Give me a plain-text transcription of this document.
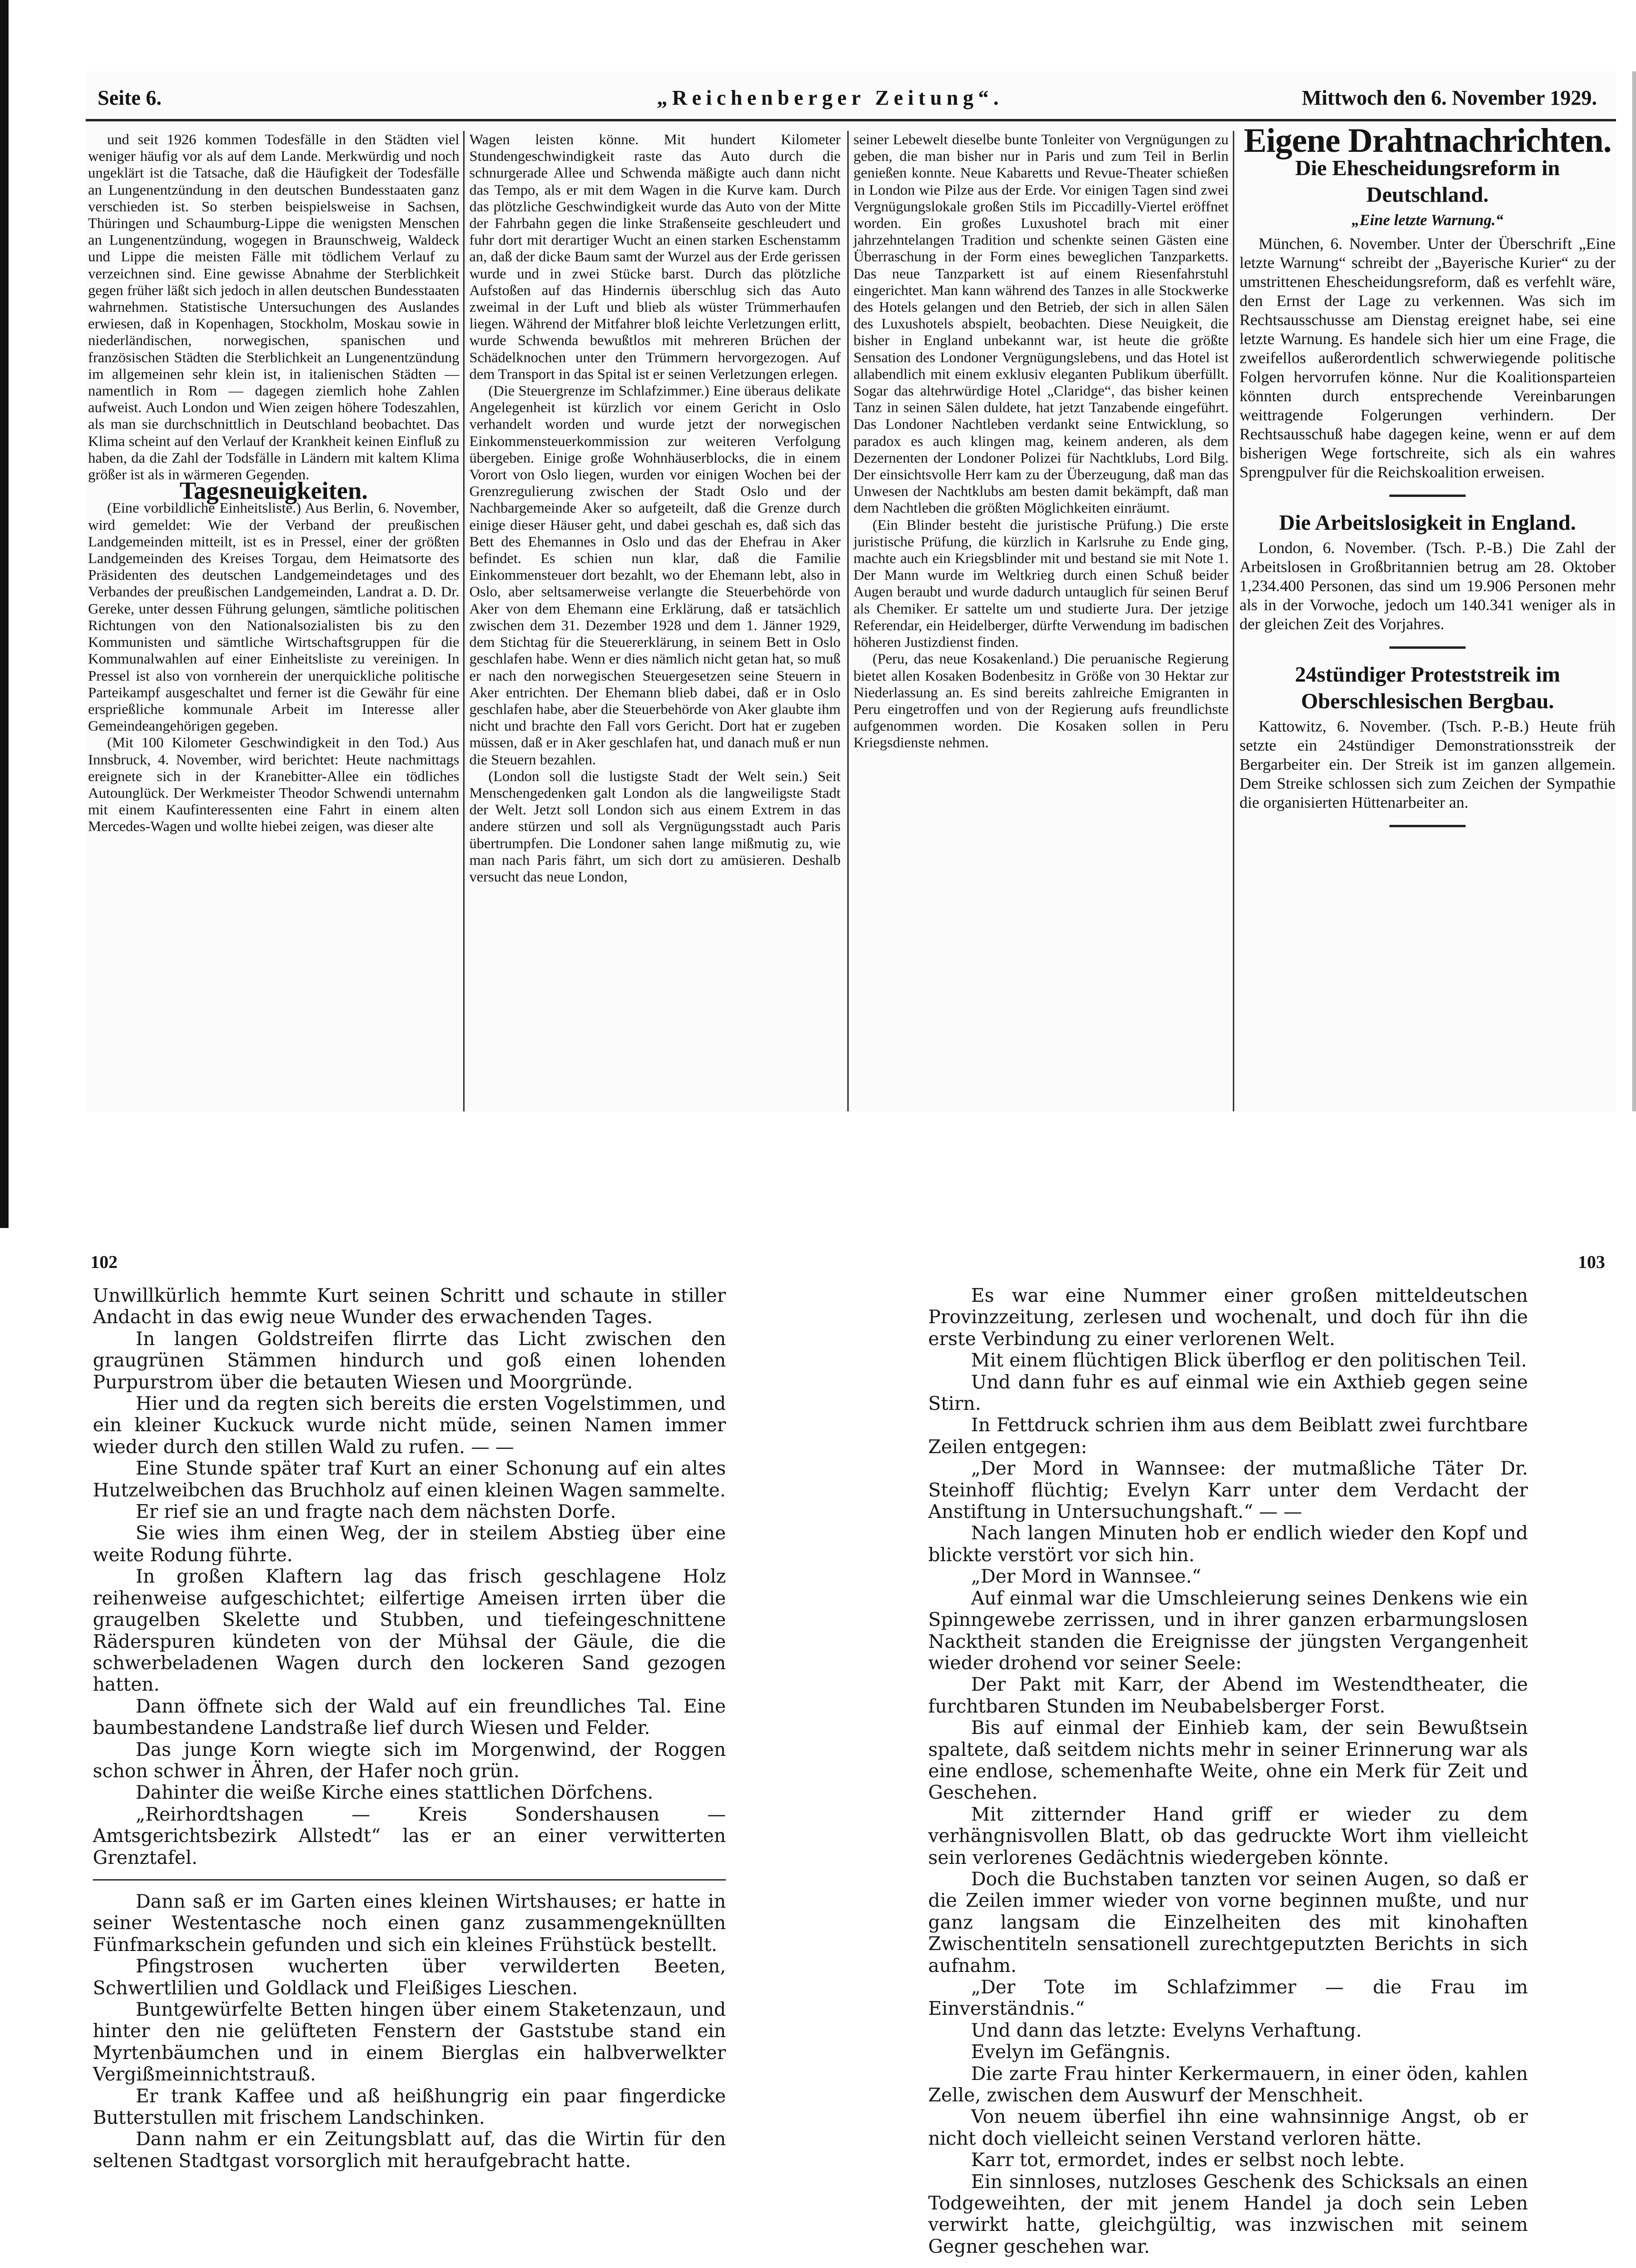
Seite 6.	„Reichenberger Zeitung“.	Mittwoch den 6. November 1929.

und seit 1926 kommen Todesfälle in den Städten viel weniger häufig vor als auf dem Lande. Merkwürdig und noch ungeklärt ist die Tatsache, daß die Häufigkeit der Todesfälle an Lungenentzündung in den deutschen Bundesstaaten ganz verschieden ist. So sterben beispielsweise in Sachsen, Thüringen und Schaumburg-Lippe die wenigsten Menschen an Lungenentzündung, wogegen in Braunschweig, Waldeck und Lippe die meisten Fälle mit tödlichem Verlauf zu verzeichnen sind. Eine gewisse Abnahme der Sterblichkeit gegen früher läßt sich jedoch in allen deutschen Bundesstaaten wahrnehmen. Statistische Untersuchungen des Auslandes erwiesen, daß in Kopenhagen, Stockholm, Moskau sowie in niederländischen, norwegischen, spanischen und französischen Städten die Sterblichkeit an Lungenentzündung im allgemeinen sehr klein ist, in italienischen Städten — namentlich in Rom — dagegen ziemlich hohe Zahlen aufweist. Auch London und Wien zeigen höhere Todeszahlen, als man sie durchschnittlich in Deutschland beobachtet. Das Klima scheint auf den Verlauf der Krankheit keinen Einfluß zu haben, da die Zahl der Todsfälle in Ländern mit kaltem Klima größer ist als in wärmeren Gegenden.

Tagesneuigkeiten.

(Eine vorbildliche Einheitsliste.) Aus Berlin, 6. November, wird gemeldet: Wie der Verband der preußischen Landgemeinden mitteilt, ist es in Pressel, einer der größten Landgemeinden des Kreises Torgau, dem Heimatsorte des Präsidenten des deutschen Landgemeindetages und des Verbandes der preußischen Landgemeinden, Landrat a. D. Dr. Gereke, unter dessen Führung gelungen, sämtliche politischen Richtungen von den Nationalsozialisten bis zu den Kommunisten und sämtliche Wirtschaftsgruppen für die Kommunalwahlen auf einer Einheitsliste zu vereinigen. In Pressel ist also von vornherein der unerquickliche politische Parteikampf ausgeschaltet und ferner ist die Gewähr für eine ersprießliche kommunale Arbeit im Interesse aller Gemeindeangehörigen gegeben.

(Mit 100 Kilometer Geschwindigkeit in den Tod.) Aus Innsbruck, 4. November, wird berichtet: Heute nachmittags ereignete sich in der Kranebitter-Allee ein tödliches Autounglück. Der Werkmeister Theodor Schwendi unternahm mit einem Kaufinteressenten eine Fahrt in einem alten Mercedes-Wagen und wollte hiebei zeigen, was dieser alte

Wagen leisten könne. Mit hundert Kilometer Stundengeschwindigkeit raste das Auto durch die schnurgerade Allee und Schwenda mäßigte auch dann nicht das Tempo, als er mit dem Wagen in die Kurve kam. Durch das plötzliche Geschwindigkeit wurde das Auto von der Mitte der Fahrbahn gegen die linke Straßenseite geschleudert und fuhr dort mit derartiger Wucht an einen starken Eschenstamm an, daß der dicke Baum samt der Wurzel aus der Erde gerissen wurde und in zwei Stücke barst. Durch das plötzliche Aufstoßen auf das Hindernis überschlug sich das Auto zweimal in der Luft und blieb als wüster Trümmerhaufen liegen. Während der Mitfahrer bloß leichte Verletzungen erlitt, wurde Schwenda bewußtlos mit mehreren Brüchen der Schädelknochen unter den Trümmern hervorgezogen. Auf dem Transport in das Spital ist er seinen Verletzungen erlegen.

(Die Steuergrenze im Schlafzimmer.) Eine überaus delikate Angelegenheit ist kürzlich vor einem Gericht in Oslo verhandelt worden und wurde jetzt der norwegischen Einkommensteuerkommission zur weiteren Verfolgung übergeben. Einige große Wohnhäuserblocks, die in einem Vorort von Oslo liegen, wurden vor einigen Wochen bei der Grenzregulierung zwischen der Stadt Oslo und der Nachbargemeinde Aker so aufgeteilt, daß die Grenze durch einige dieser Häuser geht, und dabei geschah es, daß sich das Bett des Ehemannes in Oslo und das der Ehefrau in Aker befindet. Es schien nun klar, daß die Familie Einkommensteuer dort bezahlt, wo der Ehemann lebt, also in Oslo, aber seltsamerweise verlangte die Steuerbehörde von Aker von dem Ehemann eine Erklärung, daß er tatsächlich zwischen dem 31. Dezember 1928 und dem 1. Jänner 1929, dem Stichtag für die Steuererklärung, in seinem Bett in Oslo geschlafen habe. Wenn er dies nämlich nicht getan hat, so muß er nach den norwegischen Steuergesetzen seine Steuern in Aker entrichten. Der Ehemann blieb dabei, daß er in Oslo geschlafen habe, aber die Steuerbehörde von Aker glaubte ihm nicht und brachte den Fall vors Gericht. Dort hat er zugeben müssen, daß er in Aker geschlafen hat, und danach muß er nun die Steuern bezahlen.

(London soll die lustigste Stadt der Welt sein.) Seit Menschengedenken galt London als die langweiligste Stadt der Welt. Jetzt soll London sich aus einem Extrem in das andere stürzen und soll als Vergnügungsstadt auch Paris übertrumpfen. Die Londoner sahen lange mißmutig zu, wie man nach Paris fährt, um sich dort zu amüsieren. Deshalb versucht das neue London,

seiner Lebewelt dieselbe bunte Tonleiter von Vergnügungen zu geben, die man bisher nur in Paris und zum Teil in Berlin genießen konnte. Neue Kabaretts und Revue-Theater schießen in London wie Pilze aus der Erde. Vor einigen Tagen sind zwei Vergnügungslokale großen Stils im Piccadilly-Viertel eröffnet worden. Ein großes Luxushotel brach mit einer jahrzehntelangen Tradition und schenkte seinen Gästen eine Überraschung in der Form eines beweglichen Tanzparketts. Das neue Tanzparkett ist auf einem Riesenfahrstuhl eingerichtet. Man kann während des Tanzes in alle Stockwerke des Hotels gelangen und den Betrieb, der sich in allen Sälen des Luxushotels abspielt, beobachten. Diese Neuigkeit, die bisher in England unbekannt war, ist heute die größte Sensation des Londoner Vergnügungslebens, und das Hotel ist allabendlich mit einem exklusiv eleganten Publikum überfüllt. Sogar das altehrwürdige Hotel „Claridge“, das bisher keinen Tanz in seinen Sälen duldete, hat jetzt Tanzabende eingeführt. Das Londoner Nachtleben verdankt seine Entwicklung, so paradox es auch klingen mag, keinem anderen, als dem Dezernenten der Londoner Polizei für Nachtklubs, Lord Bilg. Der einsichtsvolle Herr kam zu der Überzeugung, daß man das Unwesen der Nachtklubs am besten damit bekämpft, daß man dem Nachtleben die größten Möglichkeiten einräumt.

(Ein Blinder besteht die juristische Prüfung.) Die erste juristische Prüfung, die kürzlich in Karlsruhe zu Ende ging, machte auch ein Kriegsblinder mit und bestand sie mit Note 1. Der Mann wurde im Weltkrieg durch einen Schuß beider Augen beraubt und wurde dadurch untauglich für seinen Beruf als Chemiker. Er sattelte um und studierte Jura. Der jetzige Referendar, ein Heidelberger, dürfte Verwendung im badischen höheren Justizdienst finden.

(Peru, das neue Kosakenland.) Die peruanische Regierung bietet allen Kosaken Bodenbesitz in Größe von 30 Hektar zur Niederlassung an. Es sind bereits zahlreiche Emigranten in Peru eingetroffen und von der Regierung aufs freundlichste aufgenommen worden. Die Kosaken sollen in Peru Kriegsdienste nehmen.

Eigene Drahtnachrichten.
Die Ehescheidungsreform in Deutschland.
„Eine letzte Warnung.“

München, 6. November. Unter der Überschrift „Eine letzte Warnung“ schreibt der „Bayerische Kurier“ zu der umstrittenen Ehescheidungsreform, daß es verfehlt wäre, den Ernst der Lage zu verkennen. Was sich im Rechtsausschusse am Dienstag ereignet habe, sei eine letzte Warnung. Es handele sich hier um eine Frage, die zweifellos außerordentlich schwerwiegende politische Folgen hervorrufen könne. Nur die Koalitionsparteien könnten durch entsprechende Vereinbarungen weittragende Folgerungen verhindern. Der Rechtsausschuß habe dagegen keine, wenn er auf dem bisherigen Wege fortschreite, sich als ein wahres Sprengpulver für die Reichskoalition erweisen.

Die Arbeitslosigkeit in England.

London, 6. November. (Tsch. P.-B.) Die Zahl der Arbeitslosen in Großbritannien betrug am 28. Oktober 1,234.400 Personen, das sind um 19.906 Personen mehr als in der Vorwoche, jedoch um 140.341 weniger als in der gleichen Zeit des Vorjahres.

24stündiger Proteststreik im Oberschlesischen Bergbau.

Kattowitz, 6. November. (Tsch. P.-B.) Heute früh setzte ein 24stündiger Demonstrationsstreik der Bergarbeiter ein. Der Streik ist im ganzen allgemein. Dem Streike schlossen sich zum Zeichen der Sympathie die organisierten Hüttenarbeiter an.

102	103

Unwillkürlich hemmte Kurt seinen Schritt und schaute in stiller Andacht in das ewig neue Wunder des erwachenden Tages.

In langen Goldstreifen flirrte das Licht zwischen den graugrünen Stämmen hindurch und goß einen lohenden Purpurstrom über die betauten Wiesen und Moorgründe.

Hier und da regten sich bereits die ersten Vogelstimmen, und ein kleiner Kuckuck wurde nicht müde, seinen Namen immer wieder durch den stillen Wald zu rufen. — —

Eine Stunde später traf Kurt an einer Schonung auf ein altes Hutzelweibchen das Bruchholz auf einen kleinen Wagen sammelte.

Er rief sie an und fragte nach dem nächsten Dorfe.

Sie wies ihm einen Weg, der in steilem Abstieg über eine weite Rodung führte.

In großen Klaftern lag das frisch geschlagene Holz reihenweise aufgeschichtet; eilfertige Ameisen irrten über die graugelben Skelette und Stubben, und tiefeingeschnittene Räderspuren kündeten von der Mühsal der Gäule, die die schwerbeladenen Wagen durch den lockeren Sand gezogen hatten.

Dann öffnete sich der Wald auf ein freundliches Tal. Eine baumbestandene Landstraße lief durch Wiesen und Felder.

Das junge Korn wiegte sich im Morgenwind, der Roggen schon schwer in Ähren, der Hafer noch grün.

Dahinter die weiße Kirche eines stattlichen Dörfchens.

„Reirhordtshagen — Kreis Sondershausen — Amtsgerichtsbezirk Allstedt“ las er an einer verwitterten Grenztafel.

Dann saß er im Garten eines kleinen Wirtshauses; er hatte in seiner Westentasche noch einen ganz zusammengeknüllten Fünfmarkschein gefunden und sich ein kleines Frühstück bestellt.

Pfingstrosen wucherten über verwilderten Beeten, Schwertlilien und Goldlack und Fleißiges Lieschen.

Buntgewürfelte Betten hingen über einem Staketenzaun, und hinter den nie gelüfteten Fenstern der Gaststube stand ein Myrtenbäumchen und in einem Bierglas ein halbverwelkter Vergißmeinnichtstrauß.

Er trank Kaffee und aß heißhungrig ein paar fingerdicke Butterstullen mit frischem Landschinken.

Dann nahm er ein Zeitungsblatt auf, das die Wirtin für den seltenen Stadtgast vorsorglich mit heraufgebracht hatte.

Es war eine Nummer einer großen mitteldeutschen Provinzzeitung, zerlesen und wochenalt, und doch für ihn die erste Verbindung zu einer verlorenen Welt.

Mit einem flüchtigen Blick überflog er den politischen Teil.

Und dann fuhr es auf einmal wie ein Axthieb gegen seine Stirn.

In Fettdruck schrien ihm aus dem Beiblatt zwei furchtbare Zeilen entgegen:

„Der Mord in Wannsee: der mutmaßliche Täter Dr. Steinhoff flüchtig; Evelyn Karr unter dem Verdacht der Anstiftung in Untersuchungshaft.“ — —

Nach langen Minuten hob er endlich wieder den Kopf und blickte verstört vor sich hin.

„Der Mord in Wannsee.“

Auf einmal war die Umschleierung seines Denkens wie ein Spinngewebe zerrissen, und in ihrer ganzen erbarmungslosen Nacktheit standen die Ereignisse der jüngsten Vergangenheit wieder drohend vor seiner Seele:

Der Pakt mit Karr, der Abend im Westendtheater, die furchtbaren Stunden im Neubabelsberger Forst.

Bis auf einmal der Einhieb kam, der sein Bewußtsein spaltete, daß seitdem nichts mehr in seiner Erinnerung war als eine endlose, schemenhafte Weite, ohne ein Merk für Zeit und Geschehen.

Mit zitternder Hand griff er wieder zu dem verhängnisvollen Blatt, ob das gedruckte Wort ihm vielleicht sein verlorenes Gedächtnis wiedergeben könnte.

Doch die Buchstaben tanzten vor seinen Augen, so daß er die Zeilen immer wieder von vorne beginnen mußte, und nur ganz langsam die Einzelheiten des mit kinohaften Zwischentiteln sensationell zurechtgeputzten Berichts in sich aufnahm.

„Der Tote im Schlafzimmer — die Frau im Einverständnis.“

Und dann das letzte: Evelyns Verhaftung.

Evelyn im Gefängnis.

Die zarte Frau hinter Kerkermauern, in einer öden, kahlen Zelle, zwischen dem Auswurf der Menschheit.

Von neuem überfiel ihn eine wahnsinnige Angst, ob er nicht doch vielleicht seinen Verstand verloren hätte.

Karr tot, ermordet, indes er selbst noch lebte.

Ein sinnloses, nutzloses Geschenk des Schicksals an einen Todgeweihten, der mit jenem Handel ja doch sein Leben verwirkt hatte, gleichgültig, was inzwischen mit seinem Gegner geschehen war.
